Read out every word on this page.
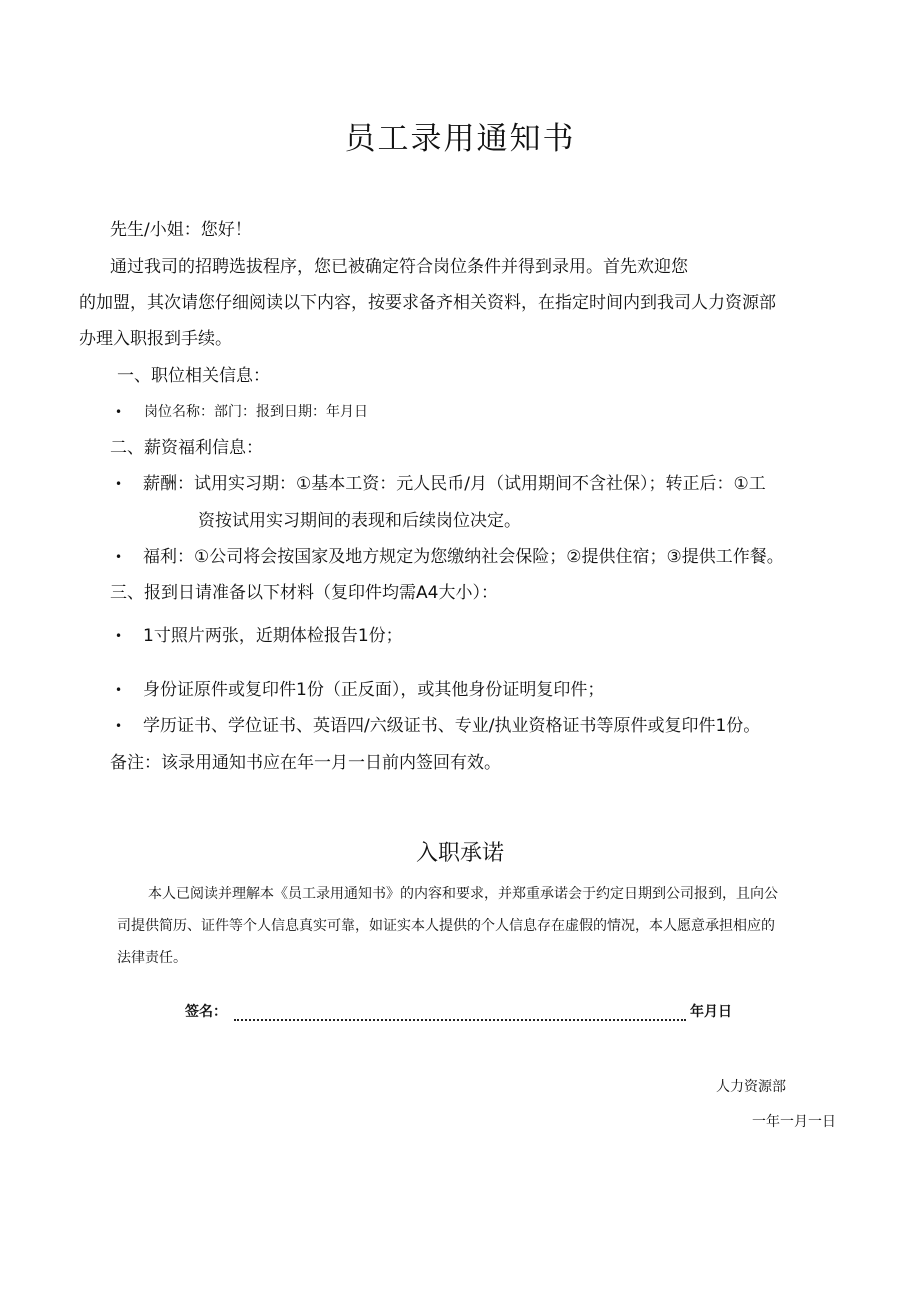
员工录用通知书
先生/小姐：您好！
通过我司的招聘选拔程序，您已被确定符合岗位条件并得到录用。首先欢迎您
的加盟，其次请您仔细阅读以下内容，按要求备齐相关资料，在指定时间内到我司人力资源部
办理入职报到手续。
一、职位相关信息：
• 岗位名称：部门：报到日期：年月日
二、薪资福利信息：
• 薪酬：试用实习期：①基本工资：元人民币/月（试用期间不含社保）；转正后：①工
资按试用实习期间的表现和后续岗位决定。
• 福利：①公司将会按国家及地方规定为您缴纳社会保险；②提供住宿；③提供工作餐。
三、报到日请准备以下材料（复印件均需A4大小）：
• 1寸照片两张，近期体检报告1份；
• 身份证原件或复印件1份（正反面），或其他身份证明复印件；
• 学历证书、学位证书、英语四/六级证书、专业/执业资格证书等原件或复印件1份。
备注：该录用通知书应在年一月一日前内签回有效。
入职承诺
本人已阅读并理解本《员工录用通知书》的内容和要求，并郑重承诺会于约定日期到公司报到，且向公
司提供简历、证件等个人信息真实可靠，如证实本人提供的个人信息存在虚假的情况，本人愿意承担相应的
法律责任。
签名：	年月日
人力资源部
一年一月一日
